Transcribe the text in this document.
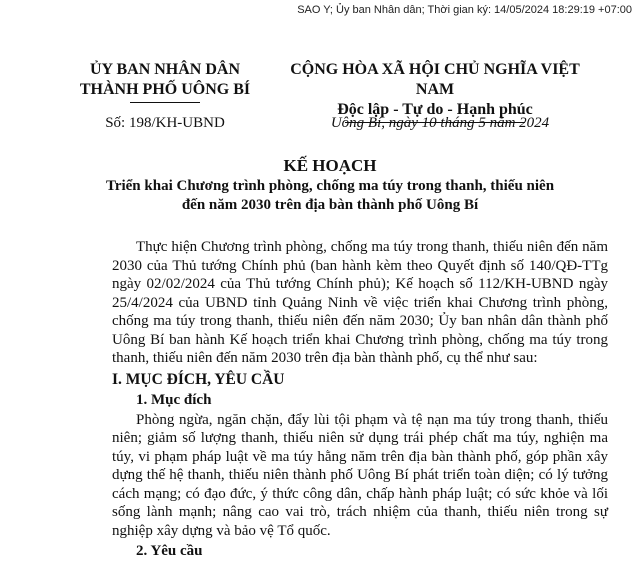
SAO Y; Ủy ban Nhân dân; Thời gian ký: 14/05/2024 18:29:19 +07:00
ỦY BAN NHÂN DÂN
THÀNH PHỐ UÔNG BÍ
CỘNG HÒA XÃ HỘI CHỦ NGHĨA VIỆT NAM
Độc lập - Tự do - Hạnh phúc
Số: 198/KH-UBND	Uông Bí, ngày 10 tháng 5 năm 2024
KẾ HOẠCH
Triển khai Chương trình phòng, chống ma túy trong thanh, thiếu niên
đến năm 2030 trên địa bàn thành phố Uông Bí

Thực hiện Chương trình phòng, chống ma túy trong thanh, thiếu niên đến năm 2030 của Thủ tướng Chính phủ (ban hành kèm theo Quyết định số 140/QĐ-TTg ngày 02/02/2024 của Thủ tướng Chính phủ); Kế hoạch số 112/KH-UBND ngày 25/4/2024 của UBND tỉnh Quảng Ninh về việc triển khai Chương trình phòng, chống ma túy trong thanh, thiếu niên đến năm 2030; Ủy ban nhân dân thành phố Uông Bí ban hành Kế hoạch triển khai Chương trình phòng, chống ma túy trong thanh, thiếu niên đến năm 2030 trên địa bàn thành phố, cụ thể như sau:

I. MỤC ĐÍCH, YÊU CẦU
1. Mục đích

Phòng ngừa, ngăn chặn, đẩy lùi tội phạm và tệ nạn ma túy trong thanh, thiếu niên; giảm số lượng thanh, thiếu niên sử dụng trái phép chất ma túy, nghiện ma túy, vi phạm pháp luật về ma túy hằng năm trên địa bàn thành phố, góp phần xây dựng thế hệ thanh, thiếu niên thành phố Uông Bí phát triển toàn diện; có lý tưởng cách mạng; có đạo đức, ý thức công dân, chấp hành pháp luật; có sức khỏe và lối sống lành mạnh; nâng cao vai trò, trách nhiệm của thanh, thiếu niên trong sự nghiệp xây dựng và bảo vệ Tổ quốc.

2. Yêu cầu
